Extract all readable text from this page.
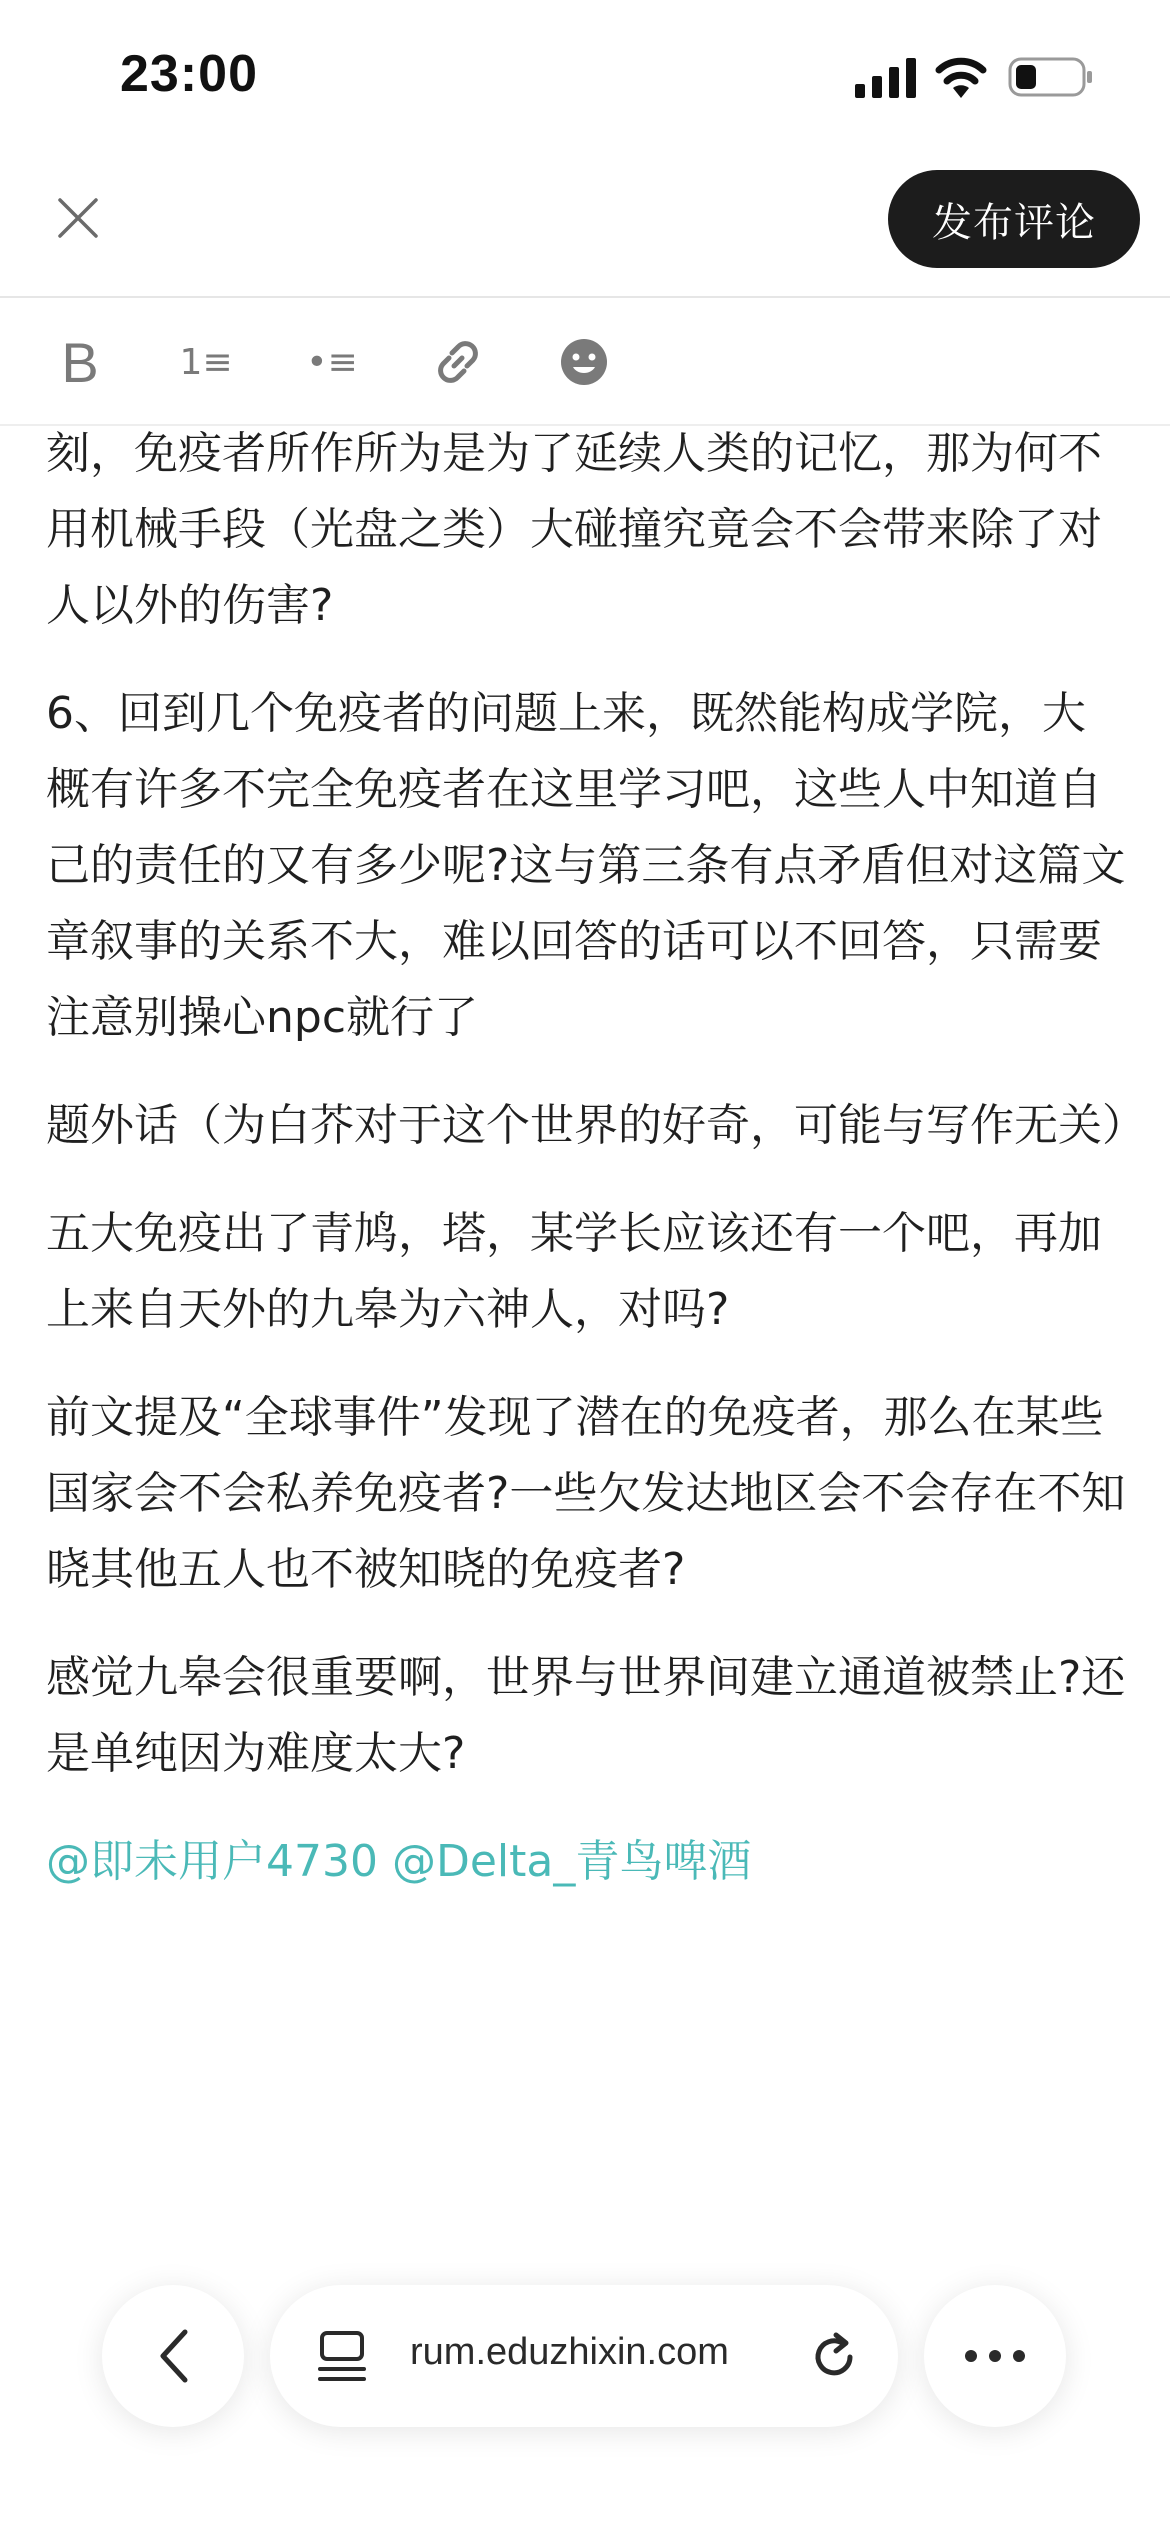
23:00
发布评论
B 1≡ •≡

刻，免疫者所作所为是为了延续人类的记忆，那为何不用机械手段（光盘之类）大碰撞究竟会不会带来除了对人以外的伤害?

6、回到几个免疫者的问题上来，既然能构成学院，大概有许多不完全免疫者在这里学习吧，这些人中知道自己的责任的又有多少呢?这与第三条有点矛盾但对这篇文章叙事的关系不大，难以回答的话可以不回答，只需要注意别操心npc就行了

题外话（为白芥对于这个世界的好奇，可能与写作无关）

五大免疫出了青鸠，塔，某学长应该还有一个吧，再加上来自天外的九皋为六神人，对吗?

前文提及“全球事件”发现了潜在的免疫者，那么在某些国家会不会私养免疫者?一些欠发达地区会不会存在不知晓其他五人也不被知晓的免疫者?

感觉九皋会很重要啊，世界与世界间建立通道被禁止?还是单纯因为难度太大?

@即未用户4730 @Delta_青鸟啤酒

rum.eduzhixin.com
